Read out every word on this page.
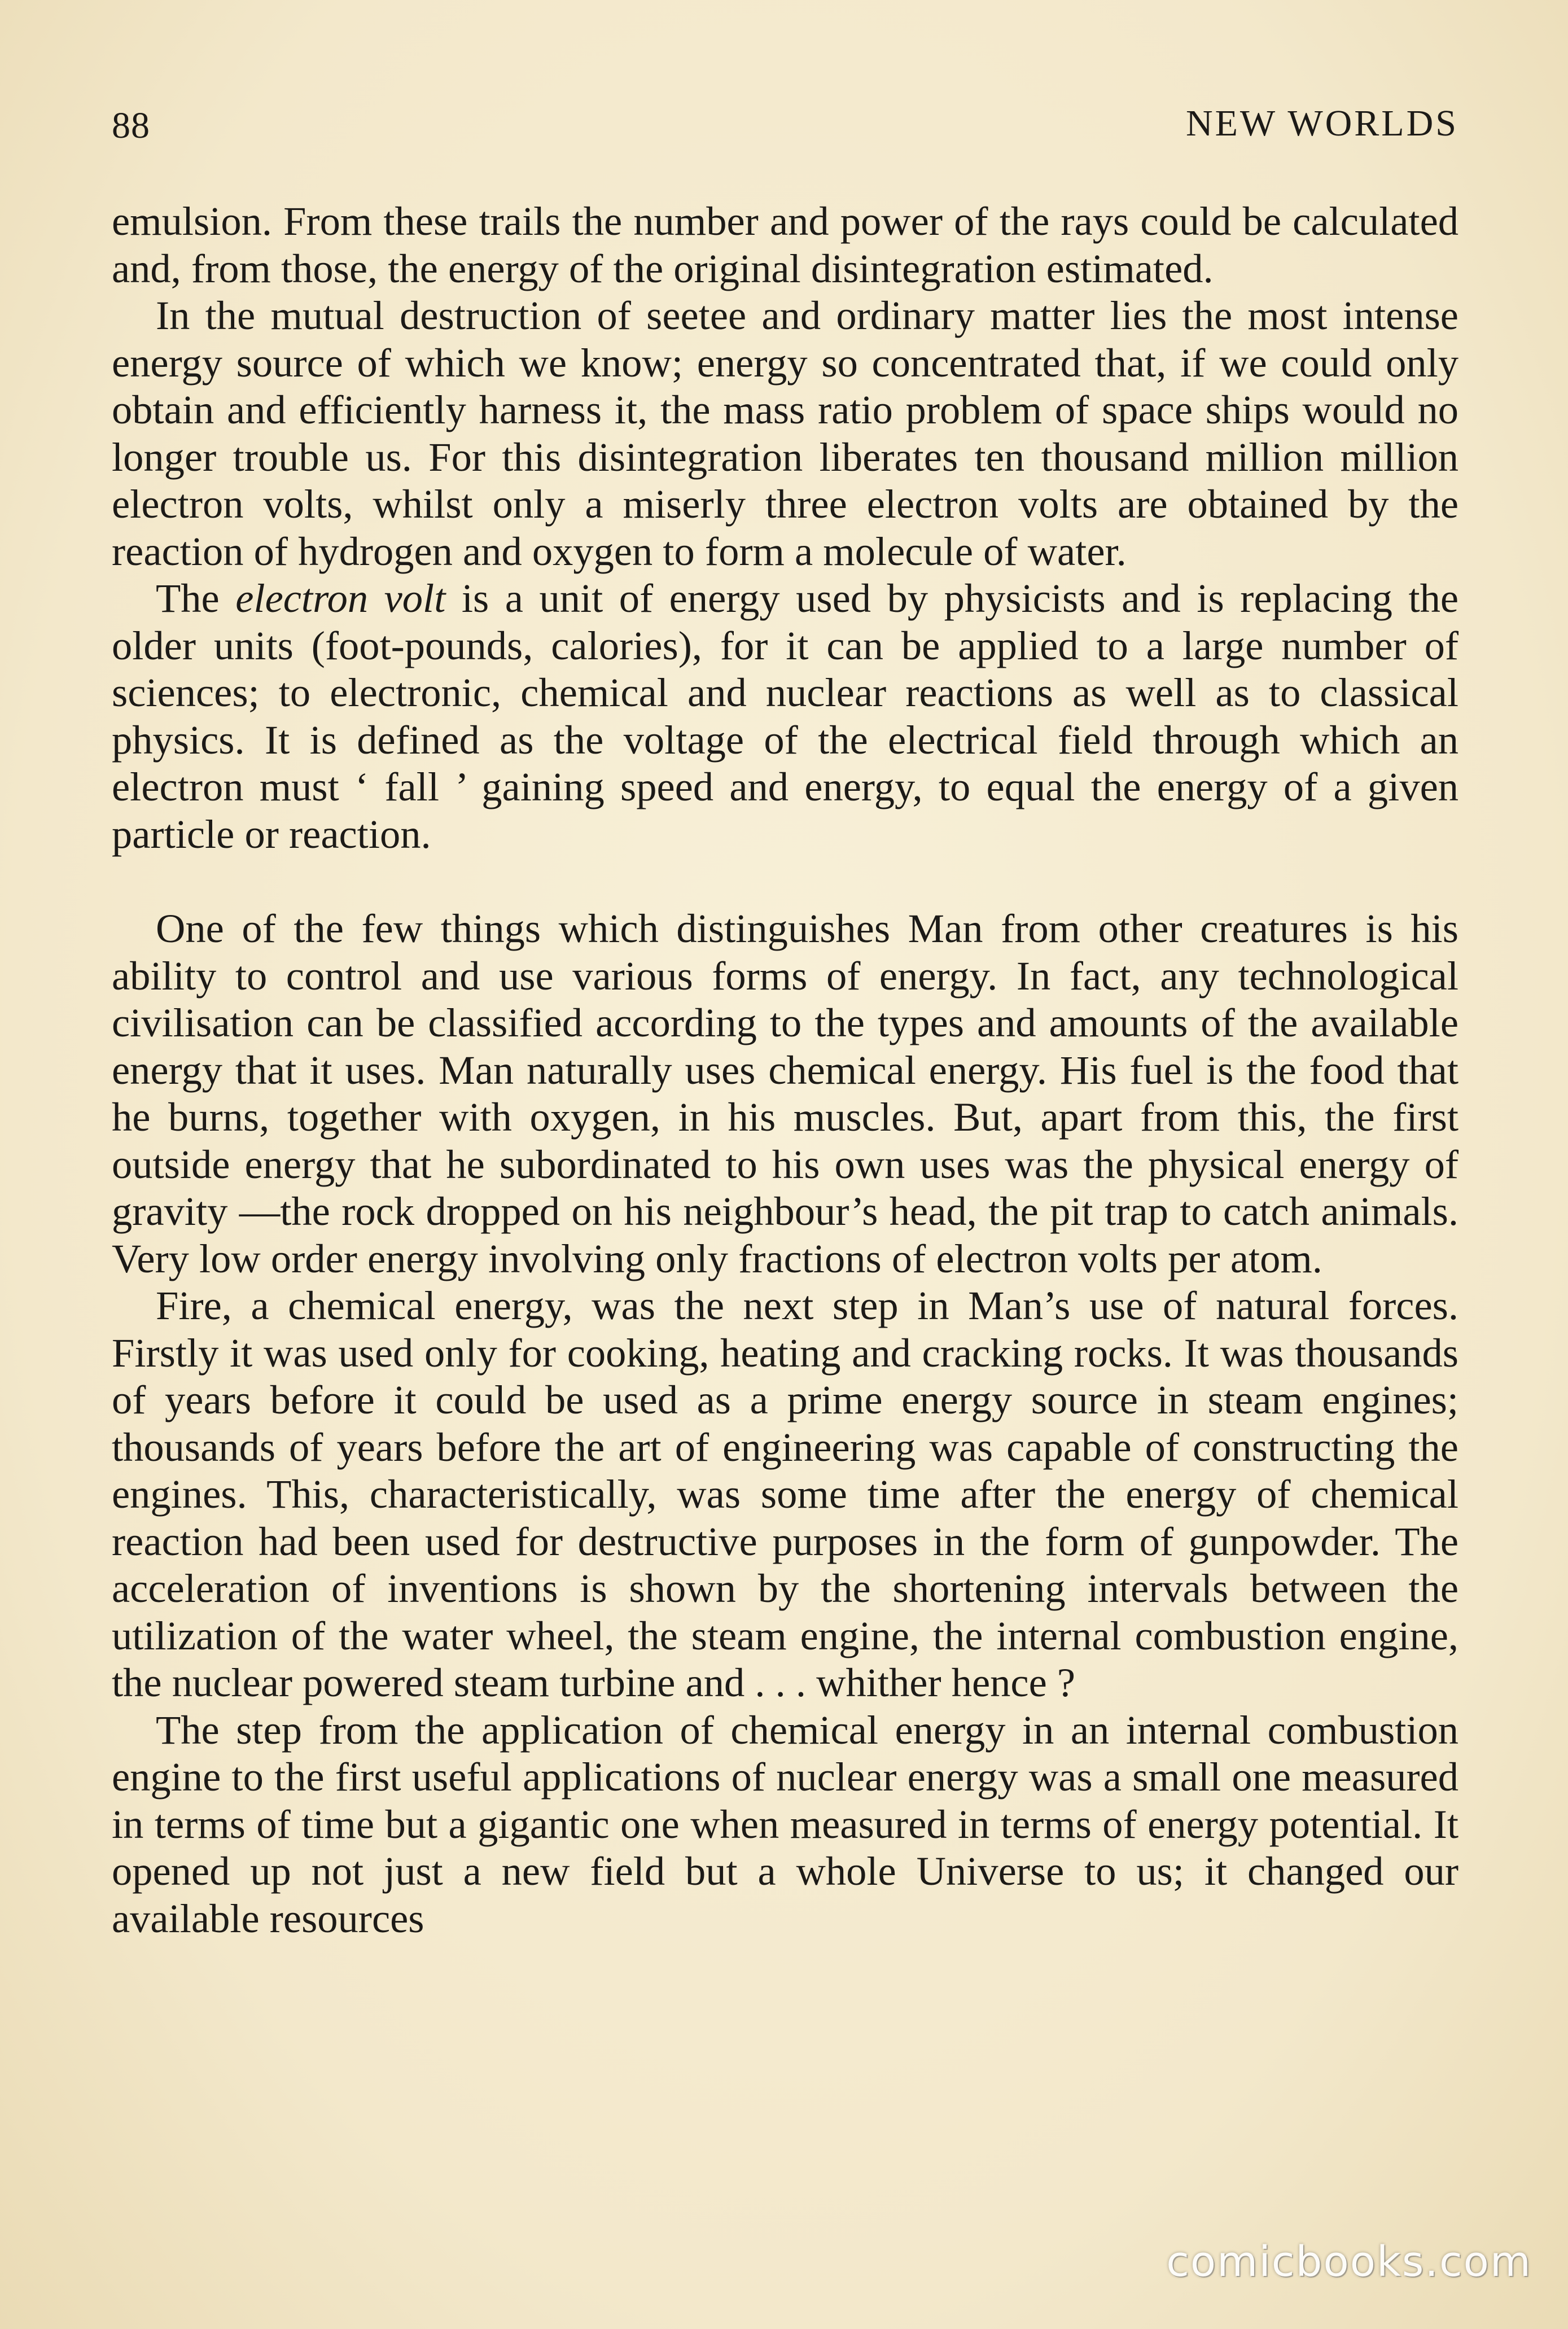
88	NEW WORLDS

emulsion. From these trails the number and power of the rays could be calculated and, from those, the energy of the original disintegration estimated.

In the mutual destruction of seetee and ordinary matter lies the most intense energy source of which we know; energy so concentrated that, if we could only obtain and efficiently harness it, the mass ratio problem of space ships would no longer trouble us. For this disintegration liberates ten thousand million million electron volts, whilst only a miserly three electron volts are obtained by the reaction of hydrogen and oxygen to form a molecule of water.

The electron volt is a unit of energy used by physicists and is replacing the older units (foot-pounds, calories), for it can be applied to a large number of sciences; to electronic, chemical and nuclear reactions as well as to classical physics. It is defined as the voltage of the electrical field through which an electron must ‘ fall ’ gaining speed and energy, to equal the energy of a given particle or reaction.

One of the few things which distinguishes Man from other creatures is his ability to control and use various forms of energy. In fact, any technological civilisation can be classified according to the types and amounts of the available energy that it uses. Man naturally uses chemical energy. His fuel is the food that he burns, together with oxygen, in his muscles. But, apart from this, the first outside energy that he subordinated to his own uses was the physical energy of gravity —the rock dropped on his neighbour’s head, the pit trap to catch animals. Very low order energy involving only fractions of electron volts per atom.

Fire, a chemical energy, was the next step in Man’s use of natural forces. Firstly it was used only for cooking, heating and cracking rocks. It was thousands of years before it could be used as a prime energy source in steam engines; thousands of years before the art of engineering was capable of constructing the engines. This, characteristically, was some time after the energy of chemical reaction had been used for destructive purposes in the form of gunpowder. The acceleration of inventions is shown by the shortening intervals between the utilization of the water wheel, the steam engine, the internal combustion engine, the nuclear powered steam turbine and . . . whither hence ?

The step from the application of chemical energy in an internal combustion engine to the first useful applications of nuclear energy was a small one measured in terms of time but a gigantic one when measured in terms of energy potential. It opened up not just a new field but a whole Universe to us; it changed our available resources

comicbooks.com
